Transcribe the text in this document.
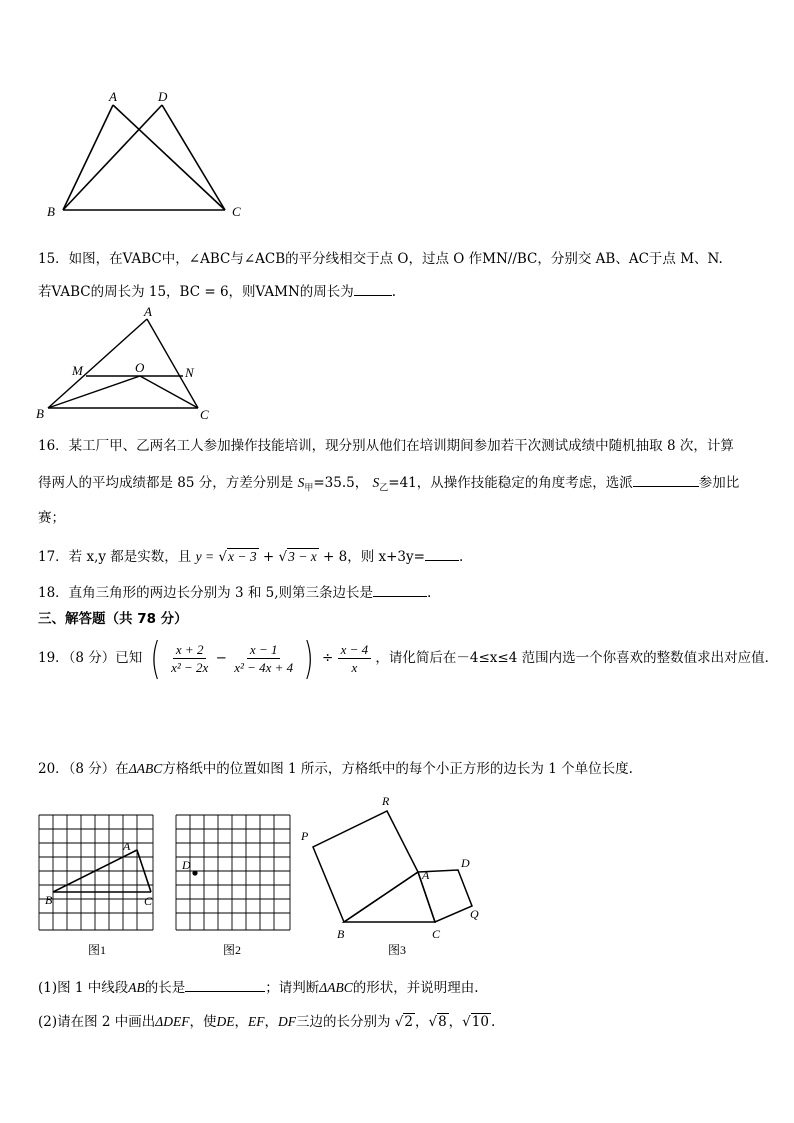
A	D
B	C
15．如图，在VABC中，∠ABC与∠ACB的平分线相交于点 O，过点 O 作MN//BC，分别交 AB、AC于点 M、N.
若VABC的周长为 15，BC = 6，则VAMN的周长为	.
A
M	O	N
B	C
16．某工厂甲、乙两名工人参加操作技能培训，现分别从他们在培训期间参加若干次测试成绩中随机抽取 8 次，计算
得两人的平均成绩都是 85 分，方差分别是 $S_甲=35.5$， $S_乙=41$，从操作技能稳定的角度考虑，选派	参加比
赛；
17．若 x,y 都是实数，且 y = √x − 3 + √3 − x + 8，则 x+3y=	.
18．直角三角形的两边长分别为 3 和 5,则第三条边长是	.
三、解答题（共 78 分）
19．（8 分）已知 ( $\frac{x + 2}{\text{x² − 2x}} - \frac{x - 1}{\text{x² − 4x + 4}}$ ) ÷ $\frac{x - 4}{x}$ ，请化简后在－4≤x≤4 范围内选一个你喜欢的整数值求出对应值．
20．（8 分）在ΔABC方格纸中的位置如图 1 所示，方格纸中的每个小正方形的边长为 1 个单位长度.
A
B	C
图1
D
图2
R
P
A
D
Q
B	C
图3
(1)图 1 中线段AB的长是	；请判断ΔABC的形状，并说明理由.
(2)请在图 2 中画出ΔDEF，使DE，EF，DF三边的长分别为 √2 ，√8 ，√10 .
